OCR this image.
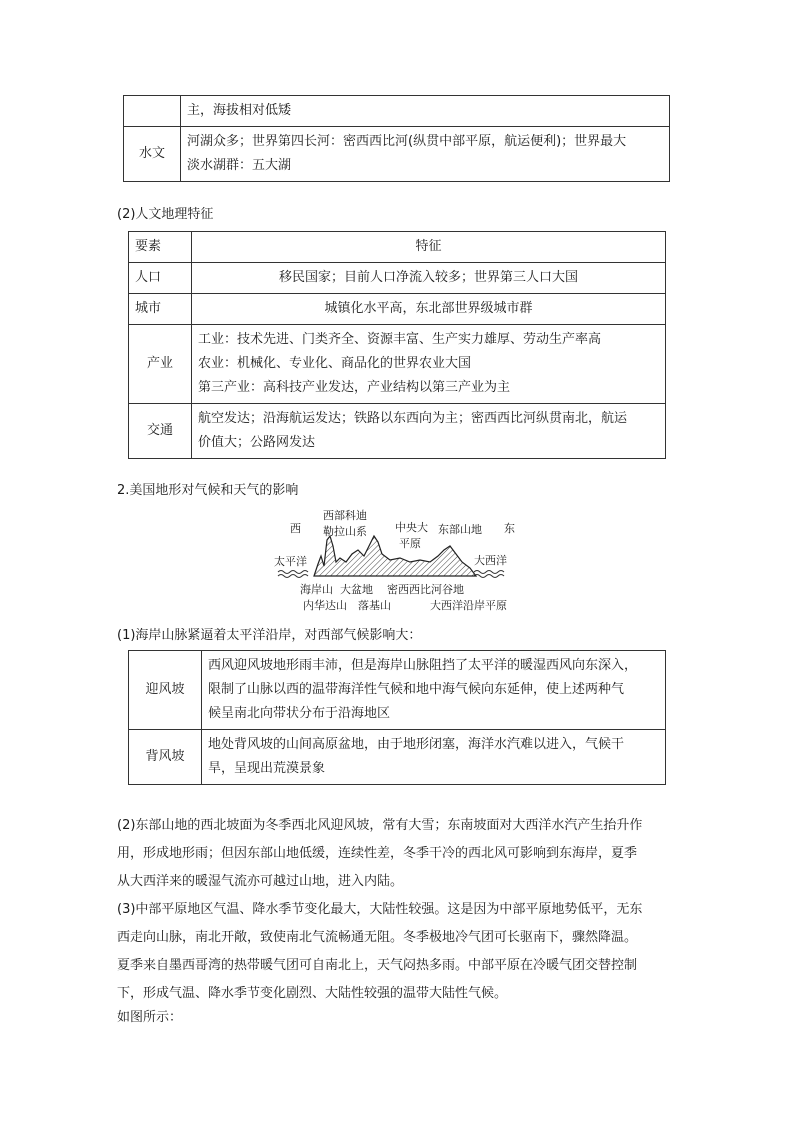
	主，海拔相对低矮
水文	河湖众多；世界第四长河：密西西比河(纵贯中部平原，航运便利)；世界最大
淡水湖群：五大湖
(2)人文地理特征
要素	特征
人口	移民国家；目前人口净流入较多；世界第三人口大国
城市	城镇化水平高，东北部世界级城市群
产业	工业：技术先进、门类齐全、资源丰富、生产实力雄厚、劳动生产率高
农业：机械化、专业化、商品化的世界农业大国
第三产业：高科技产业发达，产业结构以第三产业为主

交通	航空发达；沿海航运发达；铁路以东西向为主；密西西比河纵贯南北，航运
价值大；公路网发达
2.美国地形对气候和天气的影响
西	东
西部科迪
勒拉山系	中央大
平原
东部山地
太平洋	大西洋
海岸山 大盆地 密西西比河谷地
内华达山 落基山	大西洋沿岸平原
(1)海岸山脉紧逼着太平洋沿岸，对西部气候影响大：
迎风坡	西风迎风坡地形雨丰沛，但是海岸山脉阻挡了太平洋的暖湿西风向东深入，
限制了山脉以西的温带海洋性气候和地中海气候向东延伸，使上述两种气
候呈南北向带状分布于沿海地区

背风坡	地处背风坡的山间高原盆地，由于地形闭塞，海洋水汽难以进入，气候干
旱，呈现出荒漠景象
(2)东部山地的西北坡面为冬季西北风迎风坡，常有大雪；东南坡面对大西洋水汽产生抬升作
用，形成地形雨；但因东部山地低缓，连续性差，冬季干冷的西北风可影响到东海岸，夏季
从大西洋来的暖湿气流亦可越过山地，进入内陆。
(3)中部平原地区气温、降水季节变化最大，大陆性较强。这是因为中部平原地势低平，无东
西走向山脉，南北开敞，致使南北气流畅通无阻。冬季极地冷气团可长驱南下，骤然降温。
夏季来自墨西哥湾的热带暖气团可自南北上，天气闷热多雨。中部平原在冷暖气团交替控制
下，形成气温、降水季节变化剧烈、大陆性较强的温带大陆性气候。
如图所示：
